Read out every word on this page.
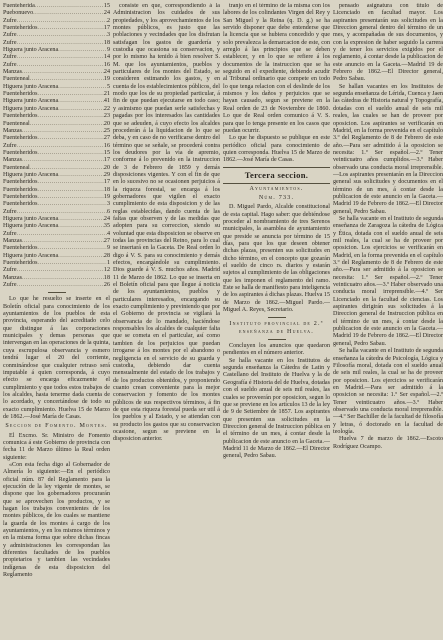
Fuenteherida .....	15
Puebonuevo .....	24
Zufre .....	2
Fuenteheridos .....	17
Zufre .....	3
Zufre .....	18
Higuera junto Aracena .....	9
Zufre .....	14
Zufre .....	16
Manzas .....	24
Fuenteneal .....	19
Higuera junto Aracena .....	5
Fuenteheridos .....	21
Higuera junto Aracena .....	41
Higuera junto Aracena .....	22
Fuenteheridos .....	23
Fuenteneal .....	20
Manzas .....	25
Fuenteheridos .....	27
Zufre .....	16
Fuenteheridos .....	15
Manzas .....	17
Fuenteneal .....	20
Higuera junto Aracena .....	29
Fuenteheridos .....	17
Fuenteheridos .....	18
Fuenteheridos .....	19
Fuenteheridos .....	3
Zufre .....	6
Higuera junto Aracena .....	24
Higuera junto Aracena .....	35
Zufre .....	4
Manzas .....	27
Fuenteheridos .....	9
Higuera junto Aracena .....	28
Fuenteheridos .....	1
Zufre .....	12
Manzas .....	18
Zufre .....	26

Lo que he resuelto se inserte en el Boletín oficial para conocimiento de los ayuntamientos de los pueblos de esta provincia, esperando del acreditado celo que distingue á las corporaciones municipales y demas personas que intervengan en las operaciones de la quinta, cuya escrupulosa observancia y esmero tendrá lugar el 20 del corriente, conminándose que cualquier retraso será imputable á quien corresponda, á cuyo efecto se encarga eficazmente el cumplimiento y que todos estos trabajos de los alcaldes, hasta tenerme dada cuenta de lo acordado, y concertándose de todo su exacto cumplimiento. Huelva 15 de Marzo de 1862.—José María de Casas.

Seccion de Fomento. Montes.

El Excmo. Sr. Ministro de Fomento comunica á este Gobierno de provincia con fecha 11 de Marzo último la Real orden siguiente:

«Con esta fecha digo al Gobernador de Almería lo siguiente:—En el periódico oficial núm. 87 del Reglamento para la ejecución de la ley vigente de montes, se dispone que los gobernadores procurarán que se aprovechen los productos, y se hagan los trabajos convenientes de los montes públicos, de los cuales se mantiene la guarda de los montes á cargo de los ayuntamientos, y en los mismos términos y en la misma forma que sobre dichas fincas y administraciones les correspondan las diferentes facultades de los pueblos propietarios y tambien las vecindades indígenas de esta disposicion del Reglamento

consiste en que, correspondiendo á la Administracion los cuidados de sus propiedades, y los aprovechamientos de los montes públicos, es justo que las poblaciones y vecindades que los disfrutan satisfagan los gastos de guardería y custodia que ocasiona su conservacion, y por lo mismo ha tenido á bien resolver S. M. que los ayuntamientos, pueblos y particulares de los montes del Estado, se consideren estimando los gastos, y en cuenta de los establecimientos públicos, del modo que los de su propiedad particular, á fin de que puedan ejecutarse en todo caso; y asimismo que puedan serle satisfechas y pagadas por los interesados las cantidades que se adeuden, á cuyo efecto los alcaldes procederán á la liquidacion de lo que se deba, y en caso de no verificarse dentro del término que se señale, se procederá contra los deudores por la vía de apremio, conforme á lo prevenido en la instruccion de 3 de Febrero de 1859 y demás disposiciones vigentes. Y con el fin de que en lo sucesivo no se ocasionen perjuicios á la riqueza forestal, se encarga á los gobernadores que vigilen el exacto cumplimiento de esta disposicion y de las reglas establecidas, dando cuenta de las faltas que observen y de las medidas que adopten para su correccion, siendo su voluntad que esta disposicion se observe en todas las provincias del Reino, para lo cual se insertará en la Gaceta. De Real orden lo digo á V. S. para su conocimiento y demás efectos, encargándole su cumplimiento. Dios guarde á V. S. muchos años. Madrid 11 de Marzo de 1862. Lo que se inserta en el Boletín oficial para que llegue á noticia de los ayuntamientos, pueblos y particulares interesados, encargando su exacto cumplimiento y previniendo que por el Gobierno de provincia se vigilará la observancia de lo mandado, haciéndose responsables los alcaldes de cualquier falta que se cometa en el particular, así como tambien de los perjuicios que puedan irrogarse á los montes por el abandono o negligencia en el servicio de su guarda y custodia, debiendo dar cuenta mensualmente del estado de los trabajos y de los productos obtenidos, y proponiendo cuanto crean conveniente para la mejor conservacion y fomento de los montes públicos de sus respectivos términos, á fin de que esta riqueza forestal pueda ser util á los pueblos y al Estado, y se atiendan con su producto los gastos que su conservacion ocasione, segun se previene en la disposicion anterior.

tranjo en el término de la misma con los labores de los colindantes Virgen del Rey y San Miguel y la Reina (q. D. g.) se ha servido disponer que debe entenderse que la licencia que se hubiera concedido y que solo prevalezca la demarcacion de este, con arreglo á las principios que se deben establecer, y en lo que se refiere á los documentos de la instruccion que se ha seguido en el expediente, debiendo acudir al Tribunal ordinario que compete en todo lo que tenga relacion con el deslinde de los mismos y los daños y perjuicios que se hayan causado, segun se previene en la Real orden de 23 de Noviembre de 1860. Lo que de Real orden comunico á V. S. para que lo tenga presente en los casos que puedan ocurrir.

Lo que he dispuesto se publique en este periódico oficial para conocimiento de quien corresponda. Huelva 15 de Marzo de 1862.—José María de Casas.

Tercera seccion.
Ayuntamientos.
Núm. 733.

D. Miguel Pardo, Alcalde constitucional de esta capital. Hago saber: que debiéndose proceder al nombramiento de tres Serenos municipales, la asamblea de ayuntamiento que preside se anuncia por término de 15 días, para que los que deseen obtener dichas plazas, presenten sus solicitudes en dicho término, en el concepto que gozarán el sueldo de cinco rs. diarios y estarán sujetos al cumplimiento de las obligaciones que les imponen el reglamento del ramo. Este se halla de manifiesto para inteligencia de los aspirantes á dichas plazas. Huelva 15 de Marzo de 1862.—Miguel Pardo.—Miguel A. Reyes, Secretario.

Instituto provincial de 2.ª enseñanza de Huelva.

Concluyen los anuncios que quedaron pendientes en el número anterior.

Se halla vacante en los Institutos de segunda enseñanza la Cátedra de Latin y Castellano del Instituto de Huelva y la de Geografía é Historia del de Huelva, dotadas con el sueldo anual de seis mil reales, las cuales se proveerán por oposicion, segun lo que se previene en los artículos 13 de la ley de 9 de Setiembre de 1857. Los aspirantes que presenten sus solicitudes en la Direccion general de Instruccion pública en el término de un mes, á contar desde la publicacion de este anuncio en la Gaceta.—Madrid 11 de Marzo de 1862.—El Director general, Pedro Sabau.

pensado asignatura con título de Licenciado en facultad mayor. Los aspirantes presentarán sus solicitudes en la Direccion general dentro del término de un mes, y acompañadas de sus documentos, y con la expresion de haber seguido la carrera y de tener los servicios exigidos por el reglamento, á contar desde la publicacion de este anuncio en la Gaceta.—Madrid 19 de Febrero de 1862.—El Director general, Pedro Sabau.

Se hallan vacantes en los Institutos de segunda enseñanza de Lérida, Cuenca y Jaen las cátedras de Historia natural y Topografía, dotadas con el sueldo anual de seis mil reales, las cuales se han de proveer por oposicion. Los aspirantes se verificarán en Madrid, en la forma prevenida en el capítulo 3.º del Reglamento de 8 de Febrero de este año.—Para ser admitido á la oposicion se necesita: 1.º Ser español.—2.º Tener veinticuatro años cumplidos.—3.º Haber observado una conducta moral irreprensible.—Los aspirantes presentarán en la Direccion general sus solicitudes y documentos en el término de un mes, á contar desde la publicacion de este anuncio en la Gaceta.—Madrid 19 de Febrero de 1862.—El Director general, Pedro Sabau.

Se halla vacante en el Instituto de segunda enseñanza de Zaragoza la cátedra de Lógica y Ética, dotada con el sueldo anual de seis mil reales, la cual se ha de proveer por oposicion. Los ejercicios se verificarán en Madrid, en la forma prevenida en el capítulo 3.º del Reglamento de 8 de Febrero de este año.—Para ser admitido á la oposicion se necesita: 1.º Ser español.—2.º Tener veinticuatro años.—3.º Haber observado una conducta moral irreprensible.—4.º Ser Licenciado en la facultad de ciencias. Los aspirantes dirigirán sus solicitudes á la Direccion general de Instruccion pública en el término de un mes, á contar desde la publicacion de este anuncio en la Gaceta.—Madrid 19 de Febrero de 1862.—El Director general, Pedro Sabau.

Se halla vacante en el Instituto de segunda enseñanza la cátedra de Psicología, Lógica y Filosofía moral, dotada con el sueldo anual de seis mil reales, la cual se ha de proveer por oposicion. Los ejercicios se verificarán en Madrid.—Para ser admitido á la oposicion se necesita: 1.º Ser español.—2.º Tener veinticuatro años.—3.º Haber observado una conducta moral irreprensible.—4.º Ser Bachiller de la facultad de filosofía y letras, ó doctorado en la facultad de teología.

Huelva 7 de marzo de 1862.—Escoto Rodríguez Ocampo.
